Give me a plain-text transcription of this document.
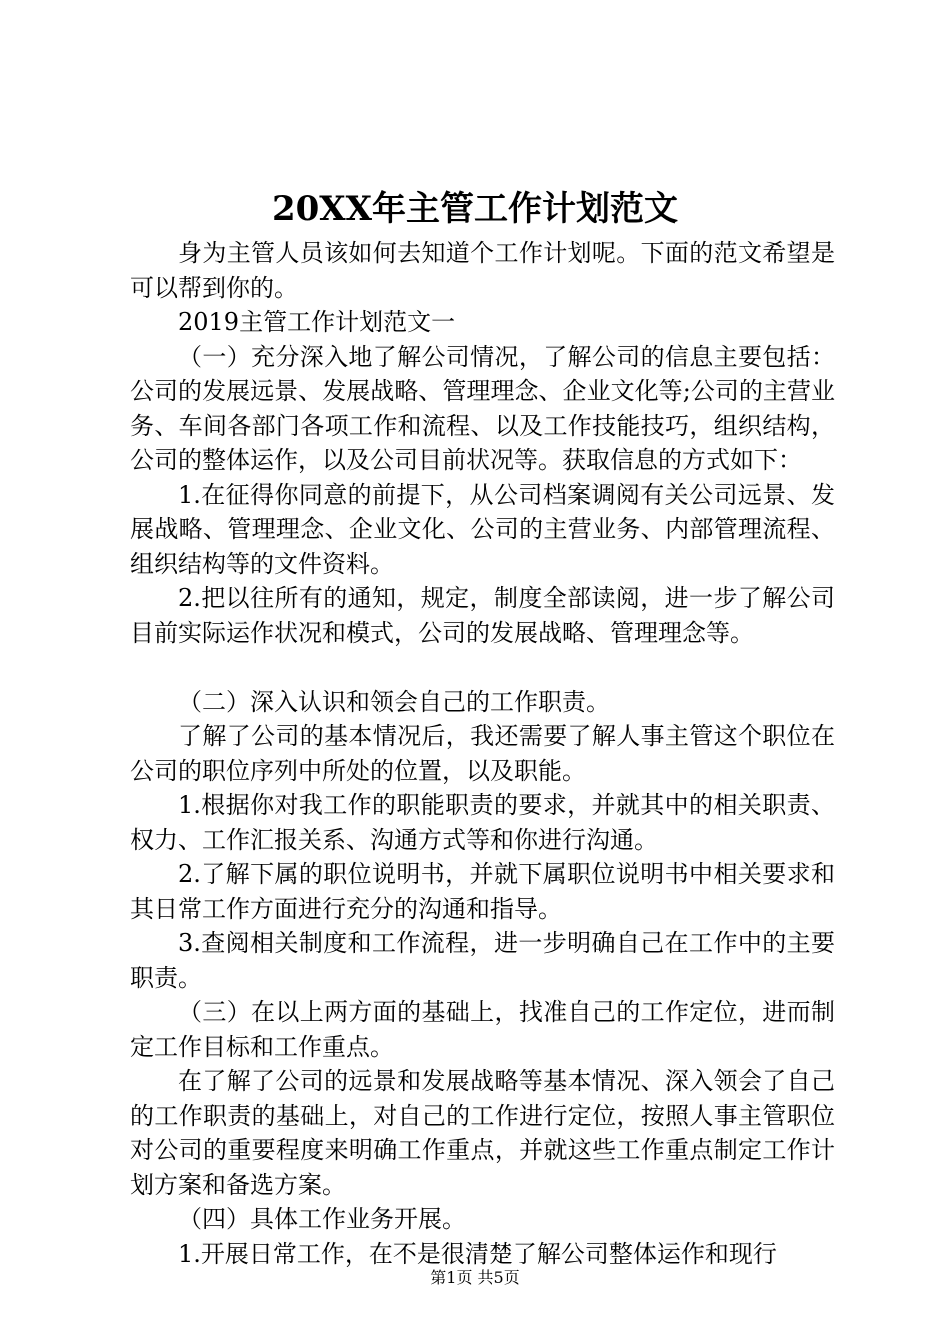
20XX年主管工作计划范文

身为主管人员该如何去知道个工作计划呢。下面的范文希望是可以帮到你的。

2019主管工作计划范文一

（一）充分深入地了解公司情况，了解公司的信息主要包括：公司的发展远景、发展战略、管理理念、企业文化等;公司的主营业务、车间各部门各项工作和流程、以及工作技能技巧，组织结构，公司的整体运作，以及公司目前状况等。获取信息的方式如下：

1.在征得你同意的前提下，从公司档案调阅有关公司远景、发展战略、管理理念、企业文化、公司的主营业务、内部管理流程、组织结构等的文件资料。

2.把以往所有的通知，规定，制度全部读阅，进一步了解公司目前实际运作状况和模式，公司的发展战略、管理理念等。

（二）深入认识和领会自己的工作职责。

了解了公司的基本情况后，我还需要了解人事主管这个职位在公司的职位序列中所处的位置，以及职能。

1.根据你对我工作的职能职责的要求，并就其中的相关职责、权力、工作汇报关系、沟通方式等和你进行沟通。

2.了解下属的职位说明书，并就下属职位说明书中相关要求和其日常工作方面进行充分的沟通和指导。

3.查阅相关制度和工作流程，进一步明确自己在工作中的主要职责。

（三）在以上两方面的基础上，找准自己的工作定位，进而制定工作目标和工作重点。

在了解了公司的远景和发展战略等基本情况、深入领会了自己的工作职责的基础上，对自己的工作进行定位，按照人事主管职位对公司的重要程度来明确工作重点，并就这些工作重点制定工作计划方案和备选方案。

（四）具体工作业务开展。

1.开展日常工作，在不是很清楚了解公司整体运作和现行

第1页 共5页
